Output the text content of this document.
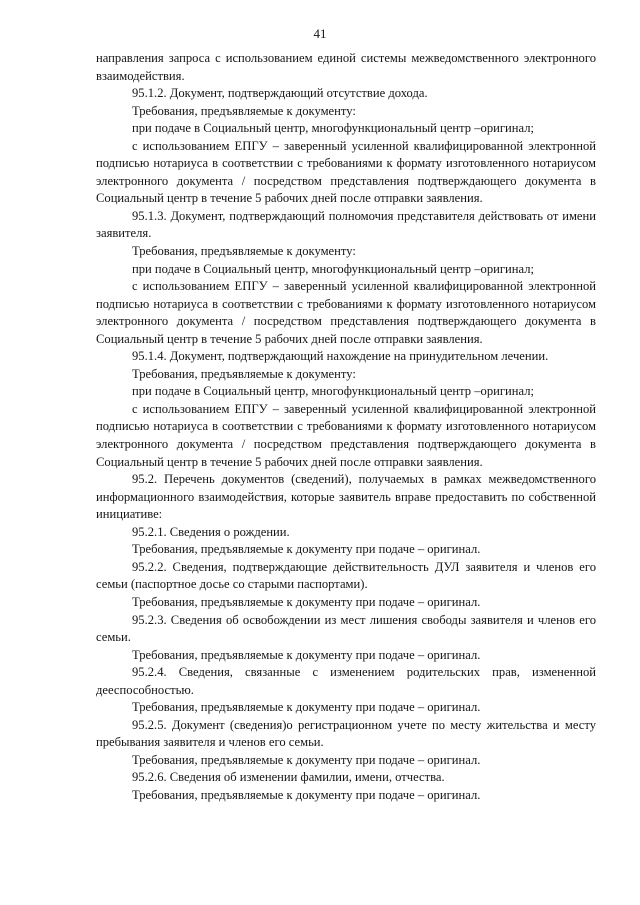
41

направления запроса с использованием единой системы межведомственного электронного взаимодействия.

95.1.2. Документ, подтверждающий отсутствие дохода.

Требования, предъявляемые к документу:

при подаче в Социальный центр, многофункциональный центр –оригинал;

с использованием ЕПГУ – заверенный усиленной квалифицированной электронной подписью нотариуса в соответствии с требованиями к формату изготовленного нотариусом электронного документа / посредством представления подтверждающего документа в Социальный центр в течение 5 рабочих дней после отправки заявления.

95.1.3. Документ, подтверждающий полномочия представителя действовать от имени заявителя.

Требования, предъявляемые к документу:

при подаче в Социальный центр, многофункциональный центр –оригинал;

с использованием ЕПГУ – заверенный усиленной квалифицированной электронной подписью нотариуса в соответствии с требованиями к формату изготовленного нотариусом электронного документа / посредством представления подтверждающего документа в Социальный центр в течение 5 рабочих дней после отправки заявления.

95.1.4. Документ, подтверждающий нахождение на принудительном лечении.

Требования, предъявляемые к документу:

при подаче в Социальный центр, многофункциональный центр –оригинал;

с использованием ЕПГУ – заверенный усиленной квалифицированной электронной подписью нотариуса в соответствии с требованиями к формату изготовленного нотариусом электронного документа / посредством представления подтверждающего документа в Социальный центр в течение 5 рабочих дней после отправки заявления.

95.2. Перечень документов (сведений), получаемых в рамках межведомственного информационного взаимодействия, которые заявитель вправе предоставить по собственной инициативе:

95.2.1. Сведения о рождении.

Требования, предъявляемые к документу при подаче – оригинал.

95.2.2. Сведения, подтверждающие действительность ДУЛ заявителя и членов его семьи (паспортное досье со старыми паспортами).

Требования, предъявляемые к документу при подаче – оригинал.

95.2.3. Сведения об освобождении из мест лишения свободы заявителя и членов его семьи.

Требования, предъявляемые к документу при подаче – оригинал.

95.2.4. Сведения, связанные с изменением родительских прав, измененной дееспособностью.

Требования, предъявляемые к документу при подаче – оригинал.

95.2.5. Документ (сведения)о регистрационном учете по месту жительства и месту пребывания заявителя и членов его семьи.

Требования, предъявляемые к документу при подаче – оригинал.

95.2.6. Сведения об изменении фамилии, имени, отчества.

Требования, предъявляемые к документу при подаче – оригинал.
